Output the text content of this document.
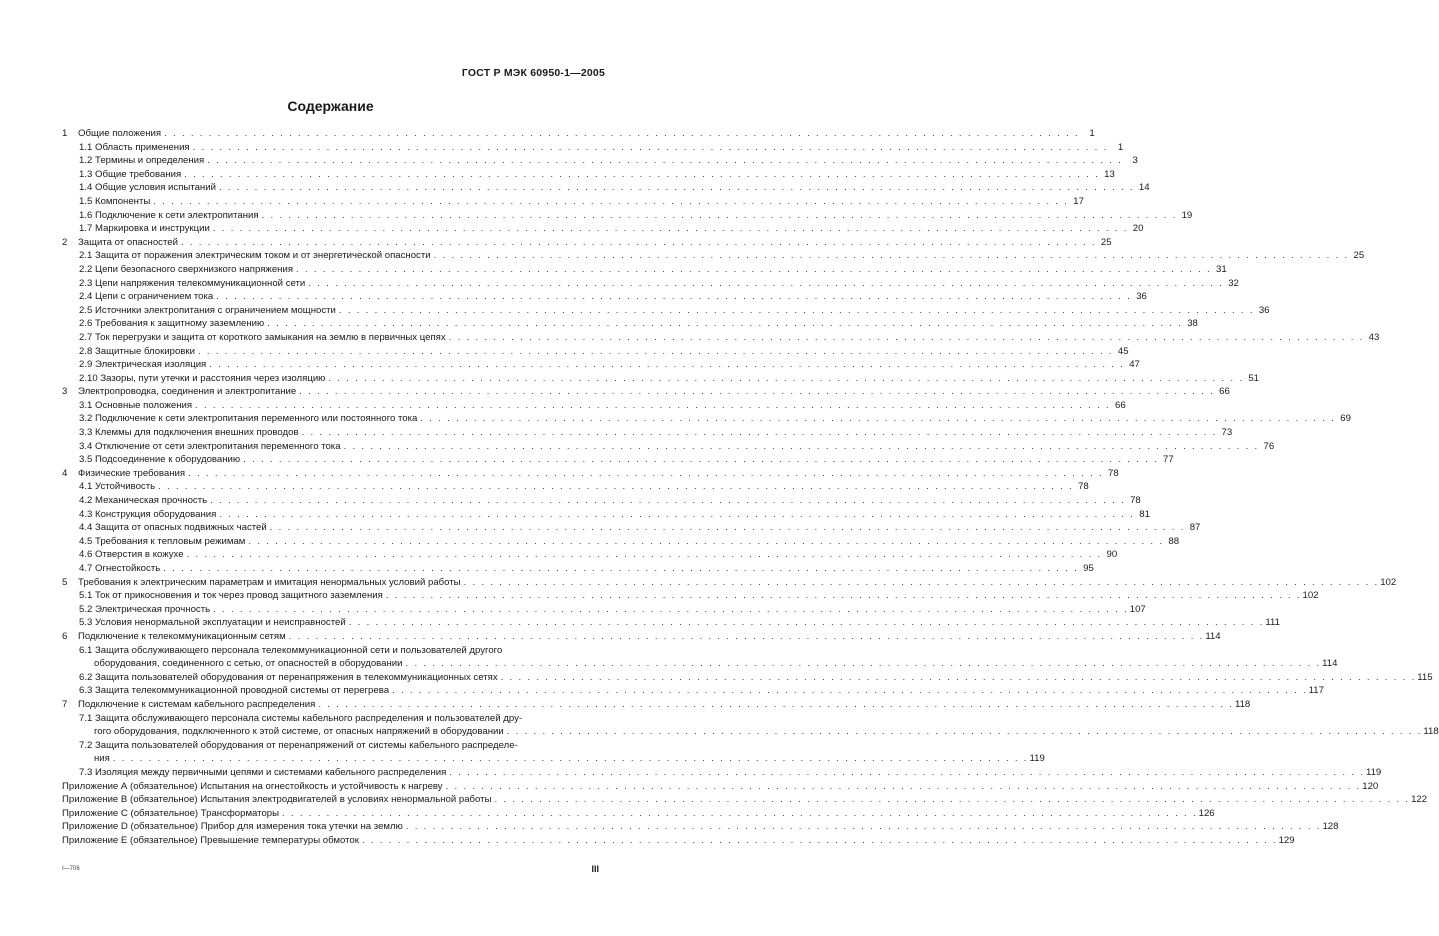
ГОСТ Р МЭК 60950-1—2005
Содержание
1 Общие положения . . .	1
1.1 Область применения . . .	1
1.2 Термины и определения . . .	3
1.3 Общие требования . . .	13
1.4 Общие условия испытаний . . .	14
1.5 Компоненты . . .	17
1.6 Подключение к сети электропитания . . .	19
1.7 Маркировка и инструкции . . .	20
2 Защита от опасностей . . .	25
2.1 Защита от поражения электрическим током и от энергетической опасности . . .	25
2.2 Цепи безопасного сверхнизкого напряжения . . .	31
2.3 Цепи напряжения телекоммуникационной сети . . .	32
2.4 Цепи с ограничением тока . . .	36
2.5 Источники электропитания с ограничением мощности . . .	36
2.6 Требования к защитному заземлению . . .	38
2.7 Ток перегрузки и защита от короткого замыкания на землю в первичных цепях . . .	43
2.8 Защитные блокировки . . .	45
2.9 Электрическая изоляция . . .	47
2.10 Зазоры, пути утечки и расстояния через изоляцию . . .	51
3 Электропроводка, соединения и электропитание . . .	66
3.1 Основные положения . . .	66
3.2 Подключение к сети электропитания переменного или постоянного тока . . .	69
3.3 Клеммы для подключения внешних проводов . . .	73
3.4 Отключение от сети электропитания переменного тока . . .	76
3.5 Подсоединение к оборудованию . . .	77
4 Физические требования . . .	78
4.1 Устойчивость . . .	78
4.2 Механическая прочность . . .	78
4.3 Конструкция оборудования . . .	81
4.4 Защита от опасных подвижных частей . . .	87
4.5 Требования к тепловым режимам . . .	88
4.6 Отверстия в кожухе . . .	90
4.7 Огнестойкость . . .	95
5 Требования к электрическим параметрам и имитация ненормальных условий работы . . .	102
5.1 Ток от прикосновения и ток через провод защитного заземления . . .	102
5.2 Электрическая прочность . . .	107
5.3 Условия ненормальной эксплуатации и неисправностей . . .	111
6 Подключение к телекоммуникационным сетям . . .	114
6.1 Защита обслуживающего персонала телекоммуникационной сети и пользователей другого
оборудования, соединенного с сетью, от опасностей в оборудовании . . .	114
6.2 Защита пользователей оборудования от перенапряжения в телекоммуникационных сетях . . .	115
6.3 Защита телекоммуникационной проводной системы от перегрева . . .	117
7 Подключение к системам кабельного распределения . . .	118
7.1 Защита обслуживающего персонала системы кабельного распределения и пользователей дру-
гого оборудования, подключенного к этой системе, от опасных напряжений в оборудовании . . .	118
7.2 Защита пользователей оборудования от перенапряжений от системы кабельного распределе-
ния . . .	119
7.3 Изоляция между первичными цепями и системами кабельного распределения . . .	119
Приложение А (обязательное) Испытания на огнестойкость и устойчивость к нагреву . . .	120
Приложение В (обязательное) Испытания электродвигателей в условиях ненормальной работы . . .	122
Приложение С (обязательное) Трансформаторы . . .	126
Приложение D (обязательное) Прибор для измерения тока утечки на землю . . .	128
Приложение Е (обязательное) Превышение температуры обмоток . . .	129
I—706	III
